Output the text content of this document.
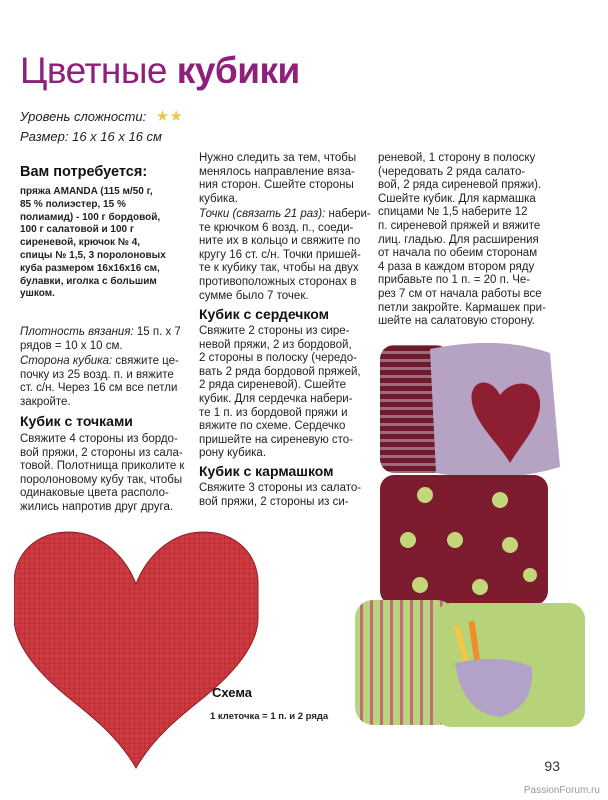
Цветные кубики
Уровень сложности: ★★
Размер: 16 х 16 х 16 см
Вам потребуется:
пряжа AMANDA (115 м/50 г,
85 % полиэстер, 15 %
полиамид) - 100 г бордовой,
100 г салатовой и 100 г
сиреневой, крючок № 4,
спицы № 1,5, 3 поролоновых
куба размером 16х16х16 см,
булавки, иголка с большим
ушком.
Плотность вязания: 15 п. х 7
рядов = 10 х 10 см.
Сторона кубика: свяжите це-
почку из 25 возд. п. и вяжите
ст. с/н. Через 16 см все петли
закройте.
Кубик с точками
Свяжите 4 стороны из бордо-
вой пряжи, 2 стороны из сала-
товой. Полотнища приколите к
поролоновому кубу так, чтобы
одинаковые цвета располо-
жились напротив друг друга.
Нужно следить за тем, чтобы
менялось направление вяза-
ния сторон. Сшейте стороны
кубика.
Точки (связать 21 раз): набери-
те крючком 6 возд. п., соеди-
ните их в кольцо и свяжите по
кругу 16 ст. с/н. Точки пришей-
те к кубику так, чтобы на двух
противоположных сторонах в
сумме было 7 точек.
Кубик с сердечком
Свяжите 2 стороны из сире-
невой пряжи, 2 из бордовой,
2 стороны в полоску (чередо-
вать 2 ряда бордовой пряжей,
2 ряда сиреневой). Сшейте
кубик. Для сердечка набери-
те 1 п. из бордовой пряжи и
вяжите по схеме. Сердечко
пришейте на сиреневую сто-
рону кубика.
Кубик с кармашком
Свяжите 3 стороны из салато-
вой пряжи, 2 стороны из си-
реневой, 1 сторону в полоску
(чередовать 2 ряда салато-
вой, 2 ряда сиреневой пряжи).
Сшейте кубик. Для кармашка
спицами № 1,5 наберите 12
п. сиреневой пряжей и вяжите
лиц. гладью. Для расширения
от начала по обеим сторонам
4 раза в каждом втором ряду
прибавьте по 1 п. = 20 п. Че-
рез 7 см от начала работы все
петли закройте. Кармашек при-
шейте на салатовую сторону.
Схема
1 клеточка = 1 п. и 2 ряда
93
PassionForum.ru
